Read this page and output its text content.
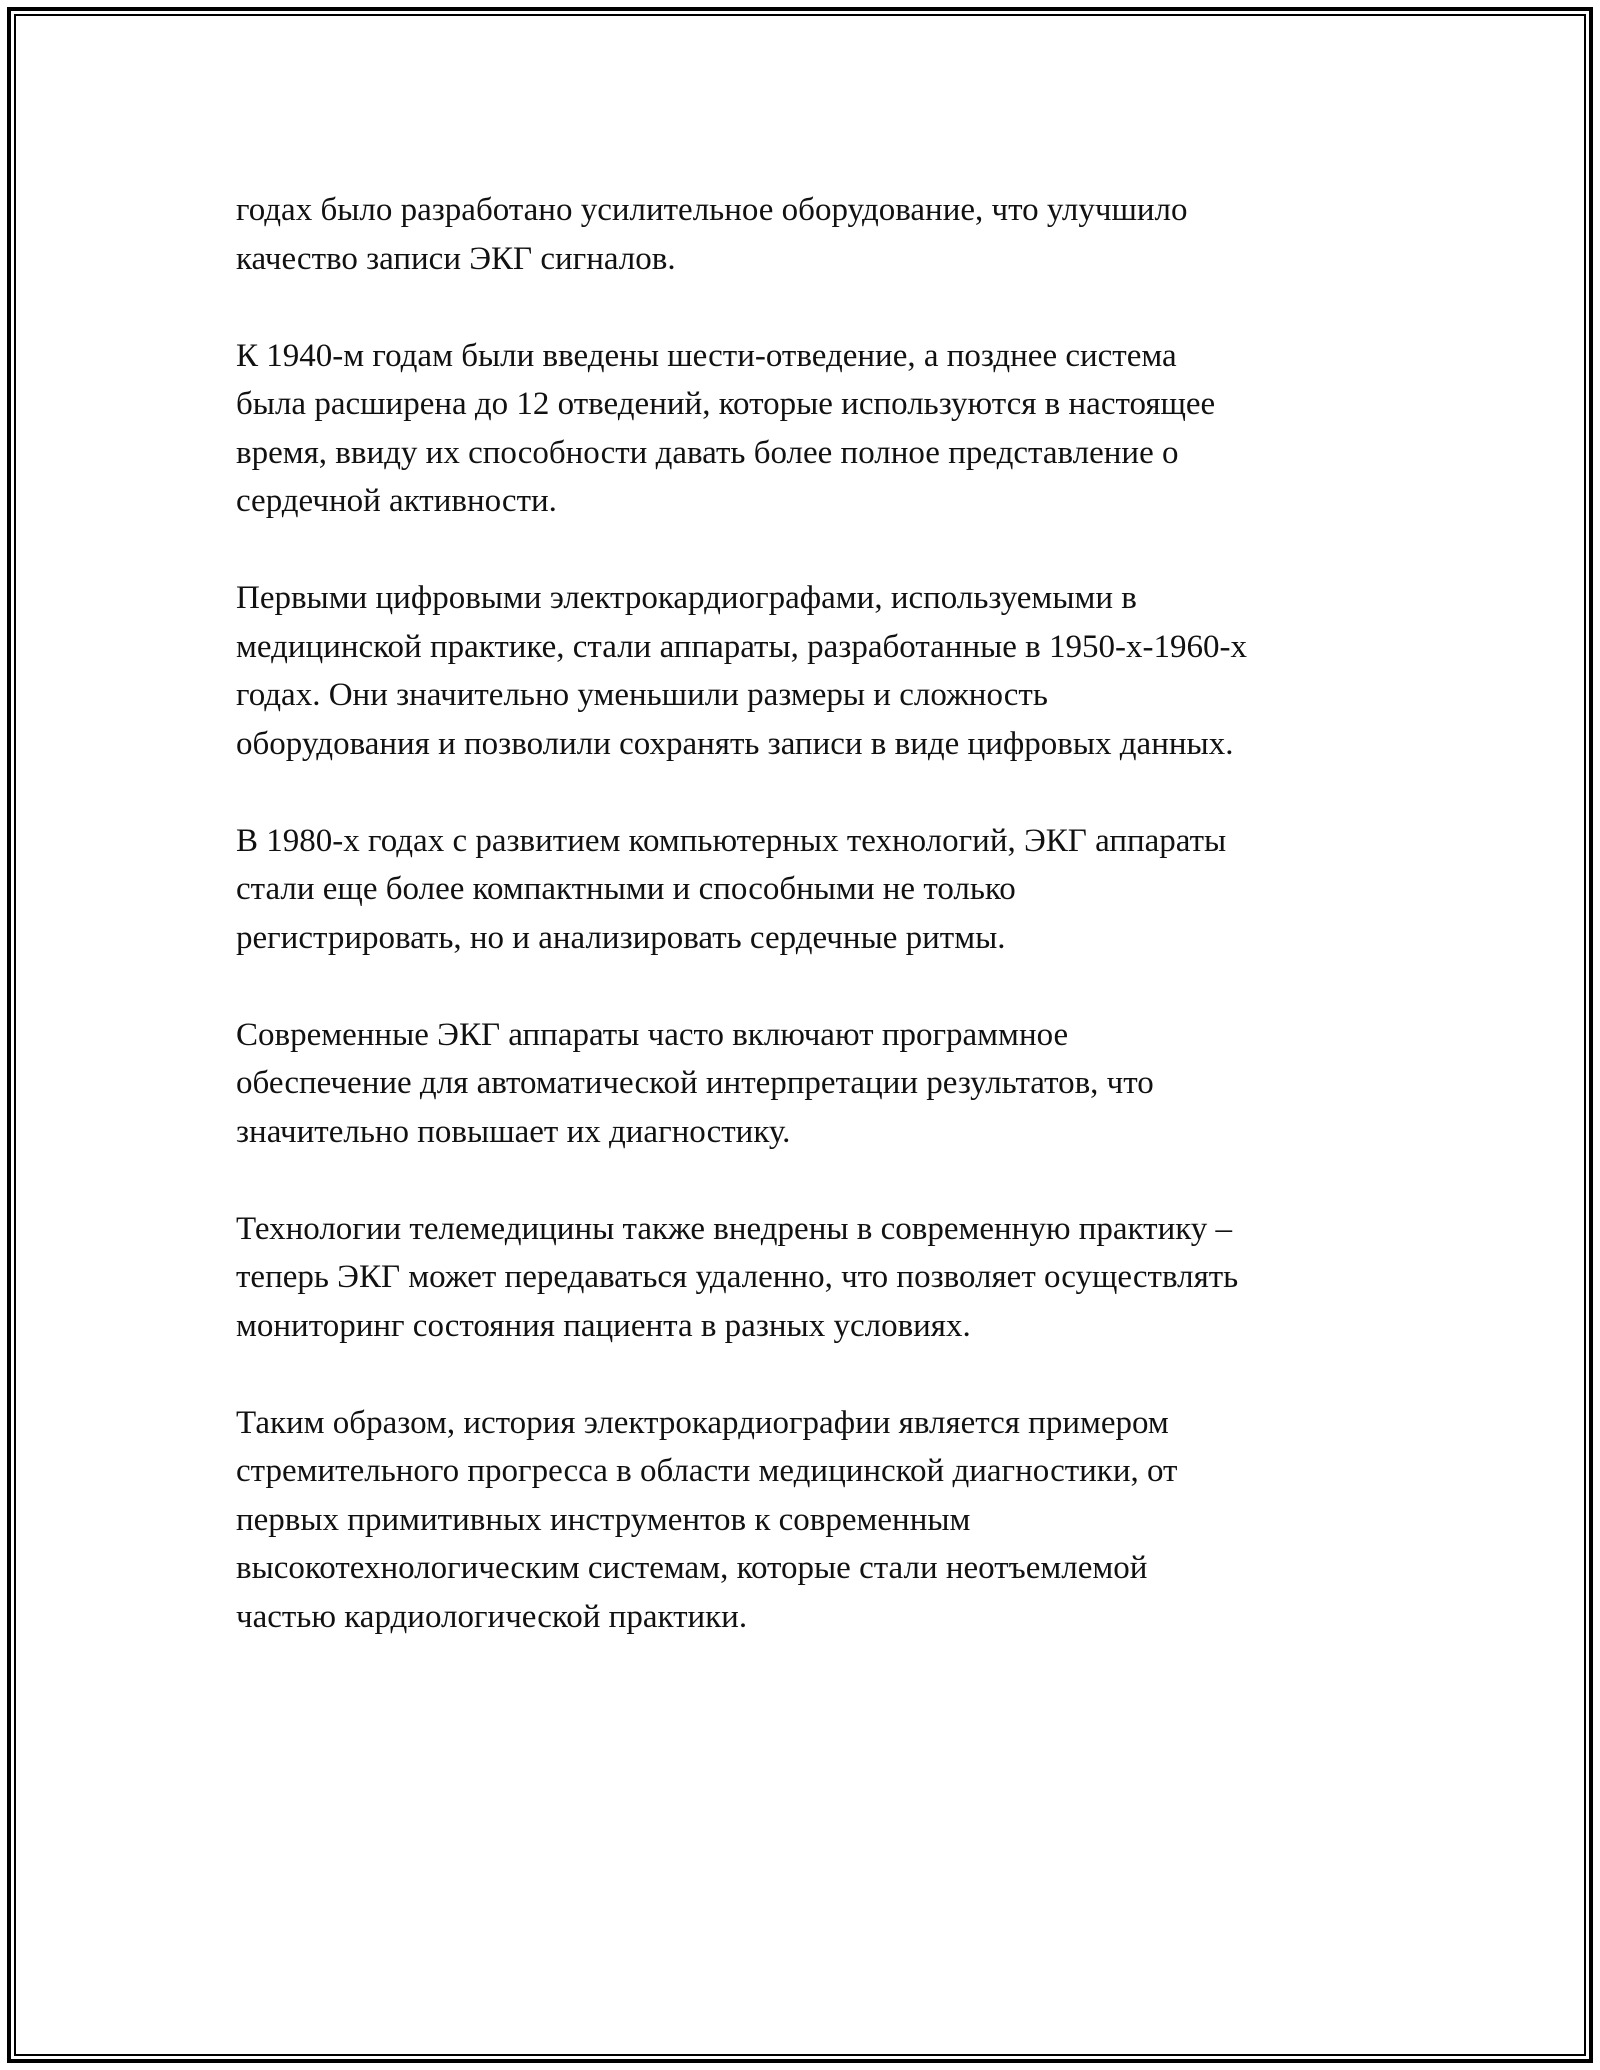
годах было разработано усилительное оборудование, что улучшило
качество записи ЭКГ сигналов.

К 1940-м годам были введены шести-отведение, а позднее система
была расширена до 12 отведений, которые используются в настоящее
время, ввиду их способности давать более полное представление о
сердечной активности.

Первыми цифровыми электрокардиографами, используемыми в
медицинской практике, стали аппараты, разработанные в 1950-х-1960-х
годах. Они значительно уменьшили размеры и сложность
оборудования и позволили сохранять записи в виде цифровых данных.

В 1980-х годах с развитием компьютерных технологий, ЭКГ аппараты
стали еще более компактными и способными не только
регистрировать, но и анализировать сердечные ритмы.

Современные ЭКГ аппараты часто включают программное
обеспечение для автоматической интерпретации результатов, что
значительно повышает их диагностику.

Технологии телемедицины также внедрены в современную практику –
теперь ЭКГ может передаваться удаленно, что позволяет осуществлять
мониторинг состояния пациента в разных условиях.

Таким образом, история электрокардиографии является примером
стремительного прогресса в области медицинской диагностики, от
первых примитивных инструментов к современным
высокотехнологическим системам, которые стали неотъемлемой
частью кардиологической практики.
